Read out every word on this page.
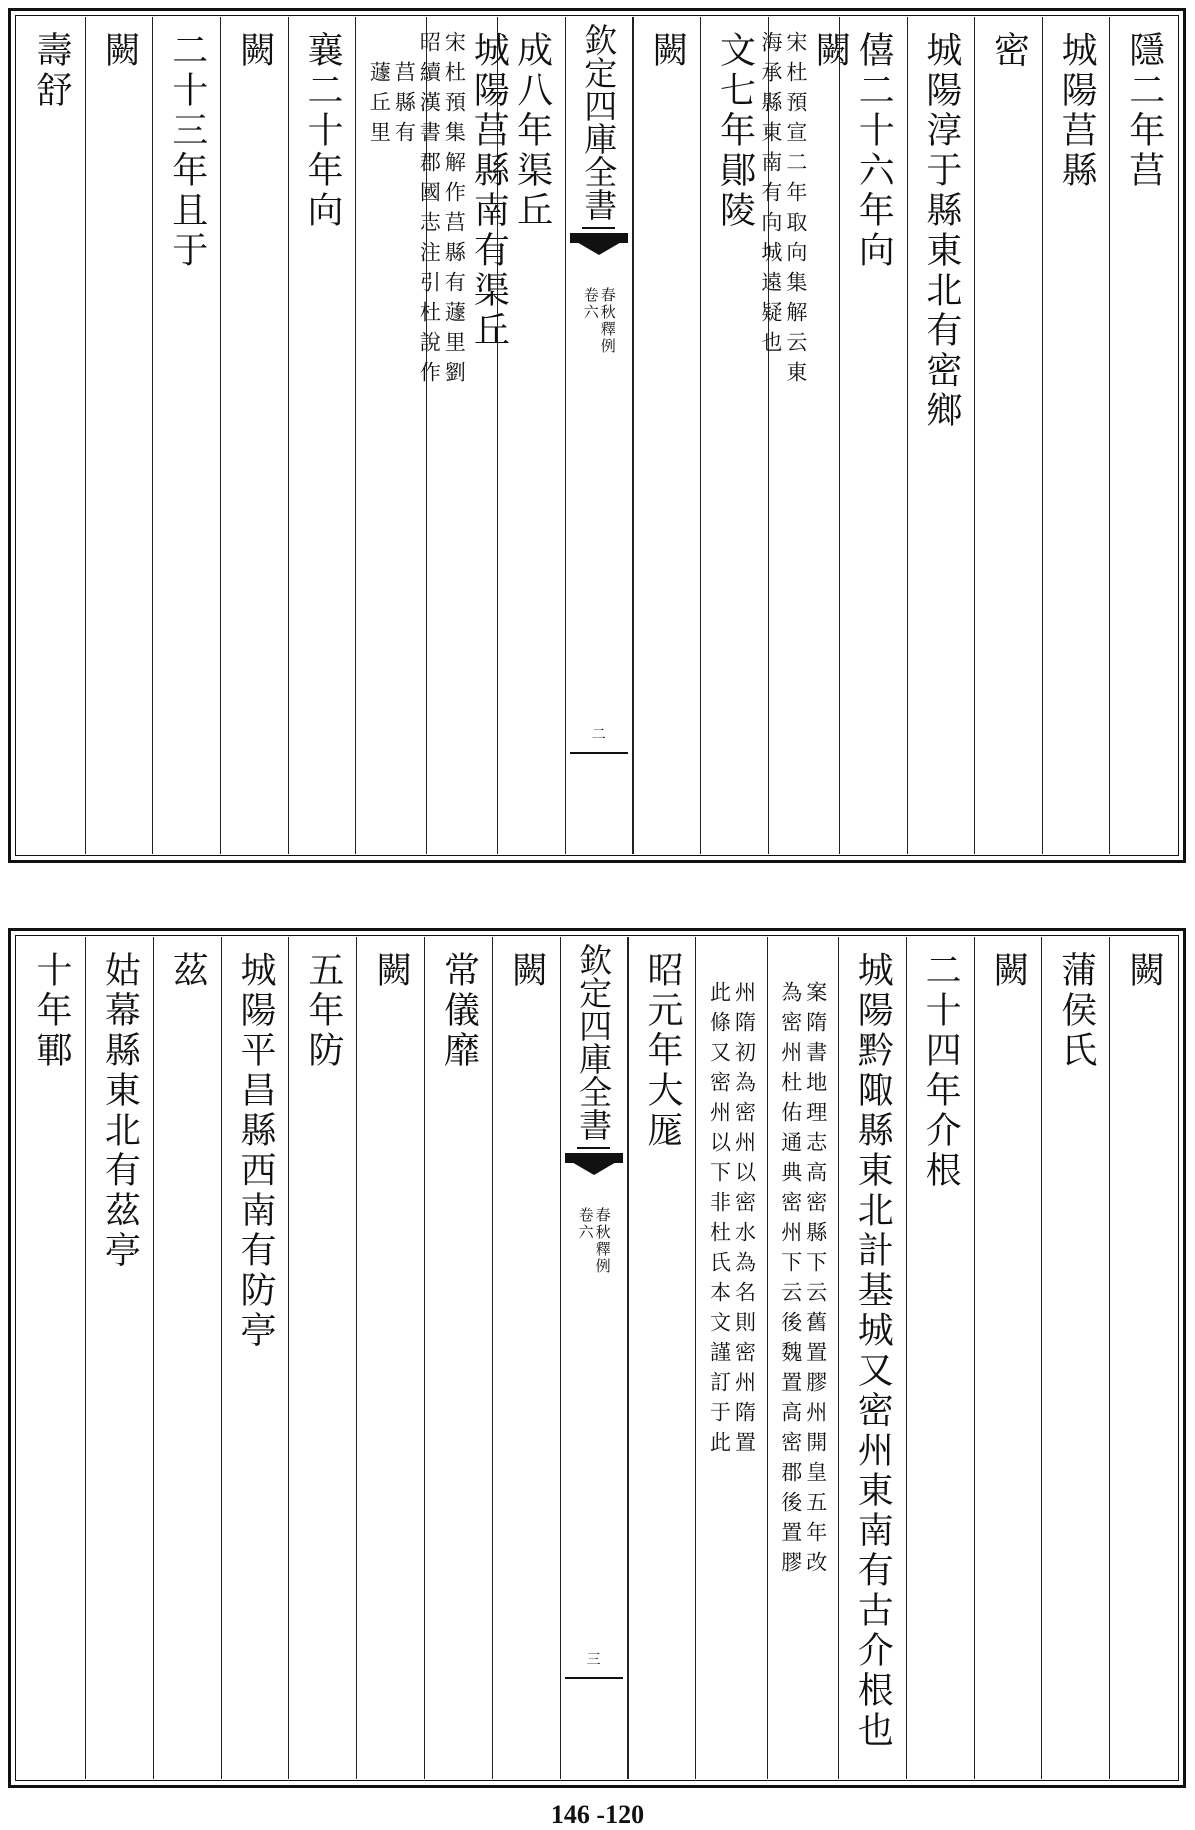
隱二年莒
城陽莒縣
密
城陽淳于縣東北有密鄉
僖二十六年向
闕
宋杜預宣二年取向集解云東
海承縣東南有向城遠疑也
文七年鄖陵
闕
欽定四庫全書
春秋釋例
卷六
二
成八年渠丘
城陽莒縣南有渠丘
宋杜預集解作莒縣有蘧里劉
昭續漢書郡國志注引杜說作
莒縣有
蘧丘里
襄二十年向
闕
二十三年且于
闕
壽舒
闕
蒲侯氏
闕
二十四年介根
城陽黔陬縣東北計基城又密州東南有古介根也
案隋書地理志高密縣下云舊置膠州開皇五年改
為密州杜佑通典密州下云後魏置高密郡後置膠
州隋初為密州以密水為名則密州隋置
此條又密州以下非杜氏本文謹訂于此
昭元年大厖
欽定四庫全書
春秋釋例
卷六
三
闕
常儀靡
闕
五年防
城陽平昌縣西南有防亭
茲
姑幕縣東北有茲亭
十年鄆
146 -120
